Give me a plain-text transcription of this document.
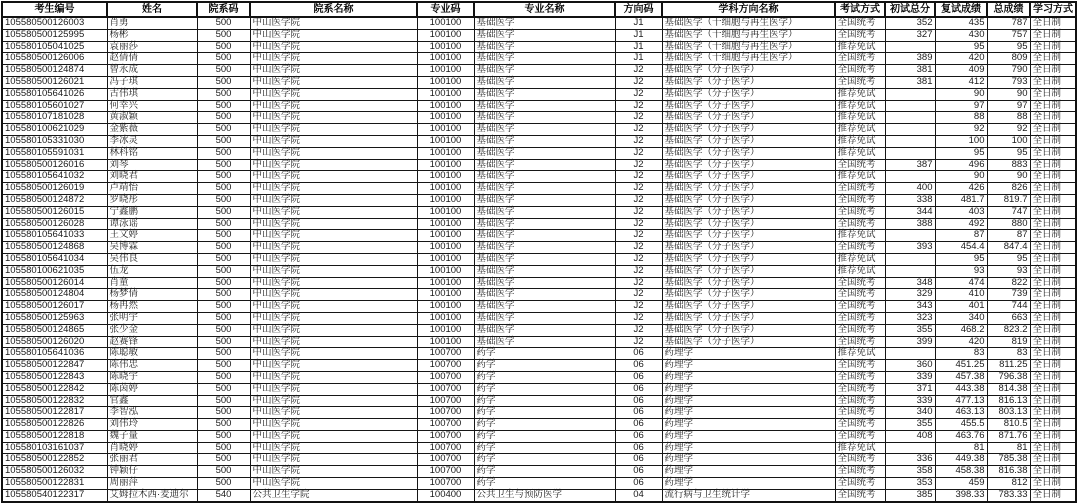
考生编号	姓名	院系码	院系名称	专业码	专业名称	方向码	学科方向名称	考试方式	初试总分	复试成绩	总成绩	学习方式
105580500126003	肖勇	500	中山医学院	100100	基础医学	J1	基础医学（干细胞与再生医学）	全国统考	352	435	787	全日制
105580500125995	杨彬	500	中山医学院	100100	基础医学	J1	基础医学（干细胞与再生医学）	全国统考	327	430	757	全日制
105580105041025	袁丽莎	500	中山医学院	100100	基础医学	J1	基础医学（干细胞与再生医学）	推荐免试		95	95	全日制
105580500126006	赵倩倩	500	中山医学院	100100	基础医学	J1	基础医学（干细胞与再生医学）	全国统考	389	420	809	全日制
105580500124874	曾永成	500	中山医学院	100100	基础医学	J2	基础医学（分子医学）	全国统考	381	409	790	全日制
105580500126021	冯子琪	500	中山医学院	100100	基础医学	J2	基础医学（分子医学）	全国统考	381	412	793	全日制
105580105641026	古伟琪	500	中山医学院	100100	基础医学	J2	基础医学（分子医学）	推荐免试		90	90	全日制
105580105601027	何幸兴	500	中山医学院	100100	基础医学	J2	基础医学（分子医学）	推荐免试		97	97	全日制
105580107181028	黄淑颖	500	中山医学院	100100	基础医学	J2	基础医学（分子医学）	推荐免试		88	88	全日制
105580100621029	金紫薇	500	中山医学院	100100	基础医学	J2	基础医学（分子医学）	推荐免试		92	92	全日制
105580105331030	李冰灵	500	中山医学院	100100	基础医学	J2	基础医学（分子医学）	推荐免试		100	100	全日制
105580105591031	林科铭	500	中山医学院	100100	基础医学	J2	基础医学（分子医学）	推荐免试		95	95	全日制
105580500126016	刘琴	500	中山医学院	100100	基础医学	J2	基础医学（分子医学）	全国统考	387	496	883	全日制
105580105641032	刘晓君	500	中山医学院	100100	基础医学	J2	基础医学（分子医学）	推荐免试		90	90	全日制
105580500126019	卢靖怡	500	中山医学院	100100	基础医学	J2	基础医学（分子医学）	全国统考	400	426	826	全日制
105580500124872	罗晓彤	500	中山医学院	100100	基础医学	J2	基础医学（分子医学）	全国统考	338	481.7	819.7	全日制
105580500126015	宁鑫鹏	500	中山医学院	100100	基础医学	J2	基础医学（分子医学）	全国统考	344	403	747	全日制
105580500126028	谭泳谣	500	中山医学院	100100	基础医学	J2	基础医学（分子医学）	全国统考	388	492	880	全日制
105580105641033	王文婷	500	中山医学院	100100	基础医学	J2	基础医学（分子医学）	推荐免试		87	87	全日制
105580500124868	吴博霖	500	中山医学院	100100	基础医学	J2	基础医学（分子医学）	全国统考	393	454.4	847.4	全日制
105580105641034	吴伟良	500	中山医学院	100100	基础医学	J2	基础医学（分子医学）	推荐免试		95	95	全日制
105580100621035	伍龙	500	中山医学院	100100	基础医学	J2	基础医学（分子医学）	推荐免试		93	93	全日制
105580500126014	肖童	500	中山医学院	100100	基础医学	J2	基础医学（分子医学）	全国统考	348	474	822	全日制
105580500124804	杨梦倩	500	中山医学院	100100	基础医学	J2	基础医学（分子医学）	全国统考	329	410	739	全日制
105580500126017	杨冉然	500	中山医学院	100100	基础医学	J2	基础医学（分子医学）	全国统考	343	401	744	全日制
105580500125963	张明宇	500	中山医学院	100100	基础医学	J2	基础医学（分子医学）	全国统考	323	340	663	全日制
105580500124865	张少金	500	中山医学院	100100	基础医学	J2	基础医学（分子医学）	全国统考	355	468.2	823.2	全日制
105580500126020	赵赛锋	500	中山医学院	100100	基础医学	J2	基础医学（分子医学）	全国统考	399	420	819	全日制
105580105641036	陈聪敏	500	中山医学院	100700	药学	06	药理学	推荐免试		83	83	全日制
105580500122847	陈伟忠	500	中山医学院	100700	药学	06	药理学	全国统考	360	451.25	811.25	全日制
105580500122843	陈晓宇	500	中山医学院	100700	药学	06	药理学	全国统考	339	457.38	796.38	全日制
105580500122842	陈茵婷	500	中山医学院	100700	药学	06	药理学	全国统考	371	443.38	814.38	全日制
105580500122832	官鑫	500	中山医学院	100700	药学	06	药理学	全国统考	339	477.13	816.13	全日制
105580500122817	李智泓	500	中山医学院	100700	药学	06	药理学	全国统考	340	463.13	803.13	全日制
105580500122826	刘伟玲	500	中山医学院	100700	药学	06	药理学	全国统考	355	455.5	810.5	全日制
105580500122818	魏子量	500	中山医学院	100700	药学	06	药理学	全国统考	408	463.76	871.76	全日制
105580103161037	肖晓婷	500	中山医学院	100700	药学	06	药理学	推荐免试		81	81	全日制
105580500122852	张丽君	500	中山医学院	100700	药学	06	药理学	全国统考	336	449.38	785.38	全日制
105580500126032	钟颖仔	500	中山医学院	100700	药学	06	药理学	全国统考	358	458.38	816.38	全日制
105580500122831	周丽萍	500	中山医学院	100700	药学	06	药理学	全国统考	353	459	812	全日制
105580540122317	艾姆拉木西·麦迪尔	540	公共卫生学院	100400	公共卫生与预防医学	04	流行病与卫生统计学	全国统考	385	398.33	783.33	全日制
